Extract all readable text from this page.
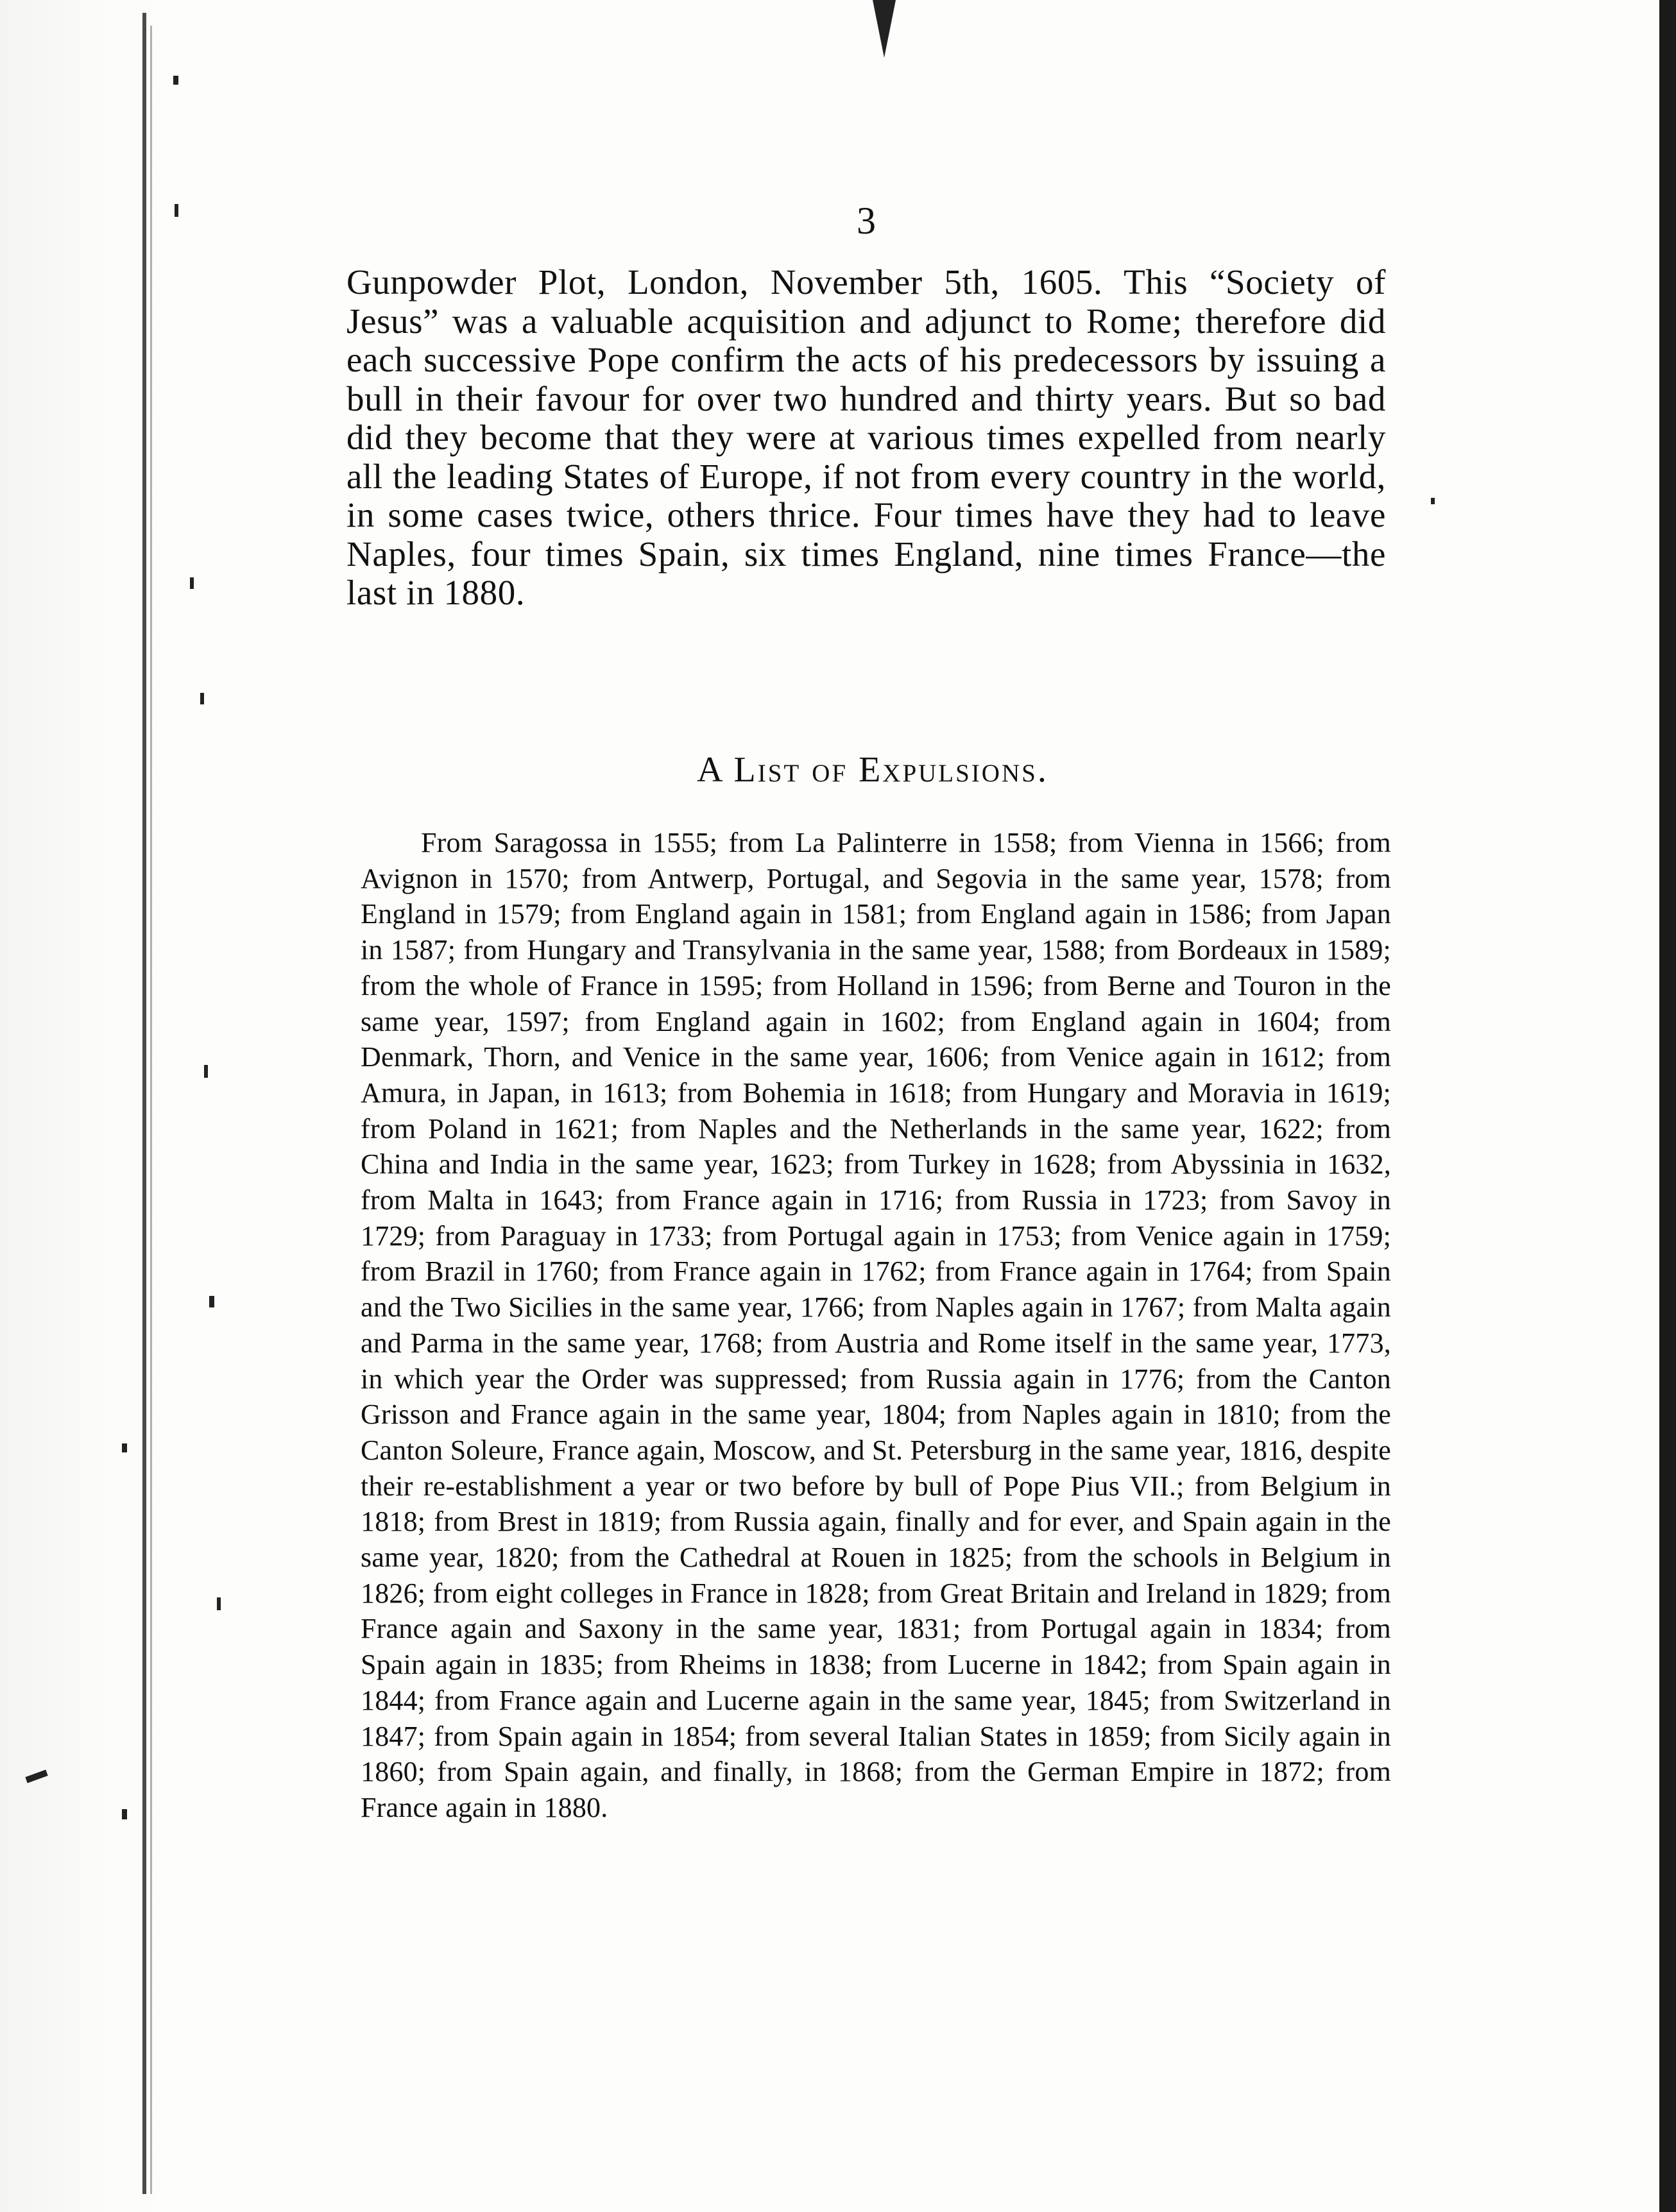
3

Gunpowder Plot, London, November 5th, 1605. This “Society of Jesus” was a valuable acquisition and adjunct to Rome; therefore did each successive Pope confirm the acts of his predecessors by issuing a bull in their favour for over two hundred and thirty years. But so bad did they become that they were at various times expelled from nearly all the leading States of Europe, if not from every country in the world, in some cases twice, others thrice. Four times have they had to leave Naples, four times Spain, six times England, nine times France—the last in 1880.

A List of Expulsions.

From Saragossa in 1555; from La Palinterre in 1558; from Vienna in 1566; from Avignon in 1570; from Antwerp, Portugal, and Segovia in the same year, 1578; from England in 1579; from England again in 1581; from England again in 1586; from Japan in 1587; from Hungary and Transylvania in the same year, 1588; from Bordeaux in 1589; from the whole of France in 1595; from Holland in 1596; from Berne and Touron in the same year, 1597; from England again in 1602; from England again in 1604; from Denmark, Thorn, and Venice in the same year, 1606; from Venice again in 1612; from Amura, in Japan, in 1613; from Bohemia in 1618; from Hungary and Moravia in 1619; from Poland in 1621; from Naples and the Netherlands in the same year, 1622; from China and India in the same year, 1623; from Turkey in 1628; from Abyssinia in 1632, from Malta in 1643; from France again in 1716; from Russia in 1723; from Savoy in 1729; from Paraguay in 1733; from Portugal again in 1753; from Venice again in 1759; from Brazil in 1760; from France again in 1762; from France again in 1764; from Spain and the Two Sicilies in the same year, 1766; from Naples again in 1767; from Malta again and Parma in the same year, 1768; from Austria and Rome itself in the same year, 1773, in which year the Order was suppressed; from Russia again in 1776; from the Canton Grisson and France again in the same year, 1804; from Naples again in 1810; from the Canton Soleure, France again, Moscow, and St. Petersburg in the same year, 1816, despite their re-establishment a year or two before by bull of Pope Pius VII.; from Belgium in 1818; from Brest in 1819; from Russia again, finally and for ever, and Spain again in the same year, 1820; from the Cathedral at Rouen in 1825; from the schools in Belgium in 1826; from eight colleges in France in 1828; from Great Britain and Ireland in 1829; from France again and Saxony in the same year, 1831; from Portugal again in 1834; from Spain again in 1835; from Rheims in 1838; from Lucerne in 1842; from Spain again in 1844; from France again and Lucerne again in the same year, 1845; from Switzerland in 1847; from Spain again in 1854; from several Italian States in 1859; from Sicily again in 1860; from Spain again, and finally, in 1868; from the German Empire in 1872; from France again in 1880.
